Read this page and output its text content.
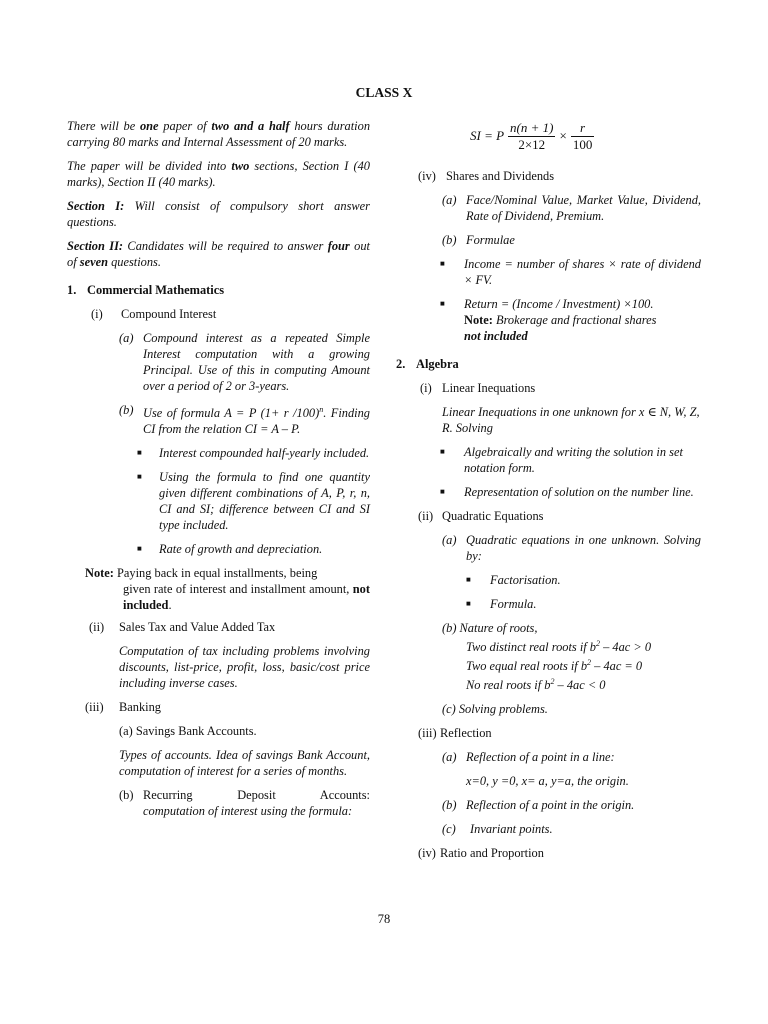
CLASS X

There will be one paper of two and a half hours duration carrying 80 marks and Internal Assessment of 20 marks.

The paper will be divided into two sections, Section I (40 marks), Section II (40 marks).

Section I: Will consist of compulsory short answer questions.

Section II: Candidates will be required to answer four out of seven questions.

1. Commercial Mathematics
(i)	Compound Interest
(a) Compound interest as a repeated Simple Interest computation with a growing Principal. Use of this in computing Amount over a period of 2 or 3-years.
(b) Use of formula A = P (1+ r /100)$^n$. Finding CI from the relation CI = A – P.
■	Interest compounded half-yearly included.
■	Using the formula to find one quantity given different combinations of A, P, r, n, CI and SI; difference between CI and SI type included.
■	Rate of growth and depreciation.
Note: Paying back in equal installments, being
given rate of interest and installment amount, not included.
(ii)	Sales Tax and Value Added Tax

Computation of tax including problems involving discounts, list-price, profit, loss, basic/cost price including inverse cases.

(iii)	Banking

(a) Savings Bank Accounts.

Types of accounts. Idea of savings Bank Account, computation of interest for a series of months.

(b) Recurring Deposit Accounts:

computation of interest using the formula:

SI = P $\frac{n(n + 1)}{2\times 12} \times \frac{r}{100}$
(iv) Shares and Dividends
(a) Face/Nominal Value, Market Value, Dividend, Rate of Dividend, Premium.
(b) Formulae
■	Income = number of shares × rate of dividend × FV.
■	Return = (Income / Investment) ×100.
Note: Brokerage and fractional shares
not included
2. Algebra
(i) Linear Inequations

Linear Inequations in one unknown for x ∈ N, W, Z, R. Solving

■	Algebraically and writing the solution in set notation form.
■	Representation of solution on the number line.
(ii) Quadratic Equations
(a) Quadratic equations in one unknown. Solving by:
■	Factorisation.
■	Formula.

(b) Nature of roots,

Two distinct real roots if $b^2 - 4ac > 0$

Two equal real roots if $b^2 - 4ac = 0$

No real roots if $b^2 - 4ac < 0$

(c) Solving problems.

(iii) Reflection
(a) Reflection of a point in a line:

x=0, y =0, x= a, y=a, the origin.

(b) Reflection of a point in the origin.
(c)	Invariant points.
(iv) Ratio and Proportion
78
